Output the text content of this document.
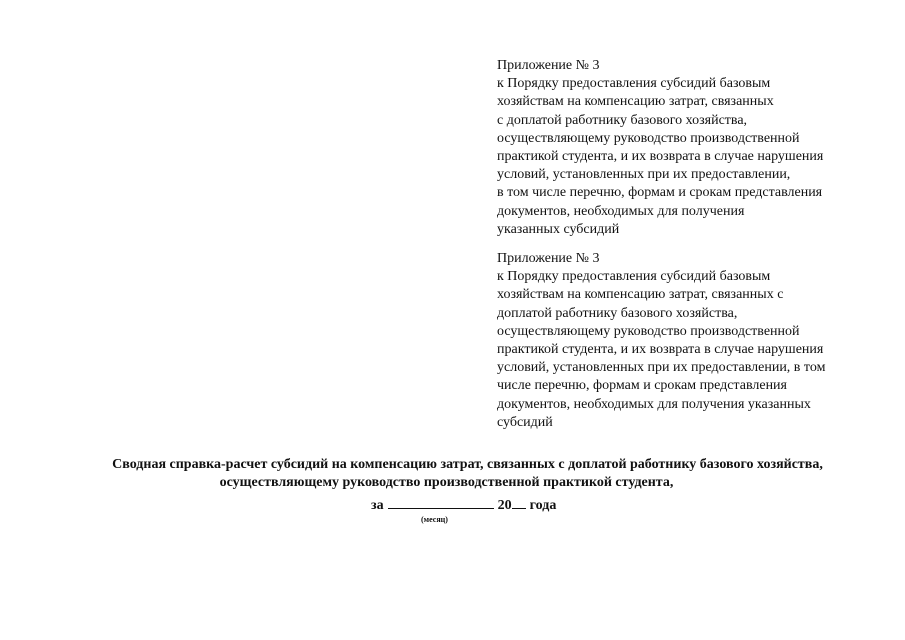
Приложение № 3
к Порядку предоставления субсидий базовым
хозяйствам на компенсацию затрат, связанных
с доплатой работнику базового хозяйства,
осуществляющему руководство производственной
практикой студента, и их возврата в случае нарушения
условий, установленных при их предоставлении,
в том числе перечню, формам и срокам представления
документов, необходимых для получения
указанных субсидий
Приложение № 3
к Порядку предоставления субсидий базовым
хозяйствам на компенсацию затрат, связанных с
доплатой работнику базового хозяйства,
осуществляющему руководство производственной
практикой студента, и их возврата в случае нарушения
условий, установленных при их предоставлении, в том
числе перечню, формам и срокам представления
документов, необходимых для получения указанных
субсидий
Сводная справка-расчет субсидий на компенсацию затрат, связанных с доплатой работнику базового хозяйства,
осуществляющему руководство производственной практикой студента,
за	20 года
(месяц)
